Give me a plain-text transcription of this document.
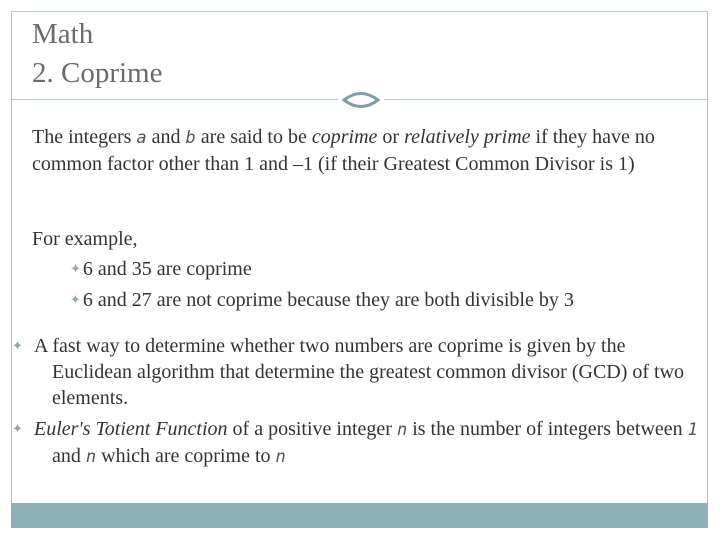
Math
2. Coprime
The integers a and b are said to be coprime or relatively prime if they have no common factor other than 1 and –1 (if their Greatest Common Divisor is 1)
For example,
✦ 6 and 35 are coprime
✦ 6 and 27 are not coprime because they are both divisible by 3
✦ A fast way to determine whether two numbers are coprime is given by the Euclidean algorithm that determine the greatest common divisor (GCD) of two elements.
✦ Euler's Totient Function of a positive integer n is the number of integers between 1 and n which are coprime to n
